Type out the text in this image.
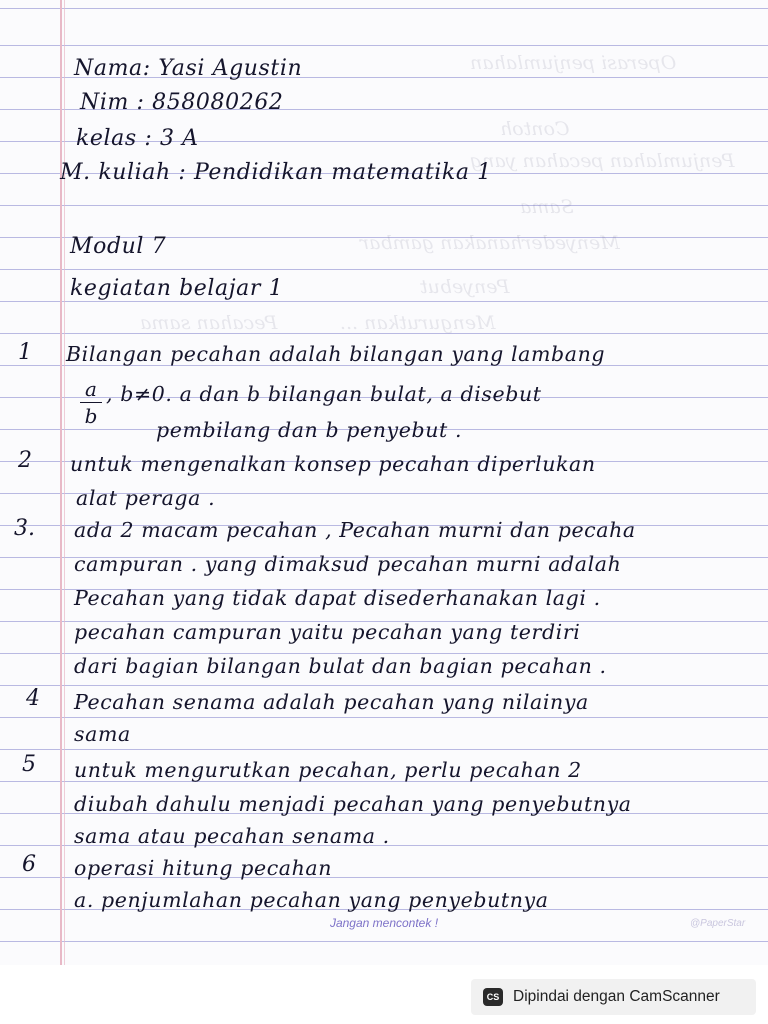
Operasi penjumlahan
Contoh
Penjumlahan pecahan yang
Sama
Menyederhanakan gambar
Penyebut
Mengurutkan ...
Pecahan sama
Nama: Yasi Agustin
Nim : 858080262
kelas : 3 A
M. kuliah : Pendidikan matematika 1
Modul 7
kegiatan belajar 1
1 Bilangan pecahan adalah bilangan yang lambang
a
b
, b≠0. a dan b bilangan bulat, a disebut
pembilang dan b penyebut .
2 untuk mengenalkan konsep pecahan diperlukan
alat peraga .
3. ada 2 macam pecahan , Pecahan murni dan pecaha
campuran . yang dimaksud pecahan murni adalah
Pecahan yang tidak dapat disederhanakan lagi .
pecahan campuran yaitu pecahan yang terdiri
dari bagian bilangan bulat dan bagian pecahan .
4 Pecahan senama adalah pecahan yang nilainya
sama
5 untuk mengurutkan pecahan, perlu pecahan 2
diubah dahulu menjadi pecahan yang penyebutnya
sama atau pecahan senama .
6 operasi hitung pecahan
a. penjumlahan pecahan yang penyebutnya
Jangan mencontek !	@PaperStar
CS Dipindai dengan CamScanner
